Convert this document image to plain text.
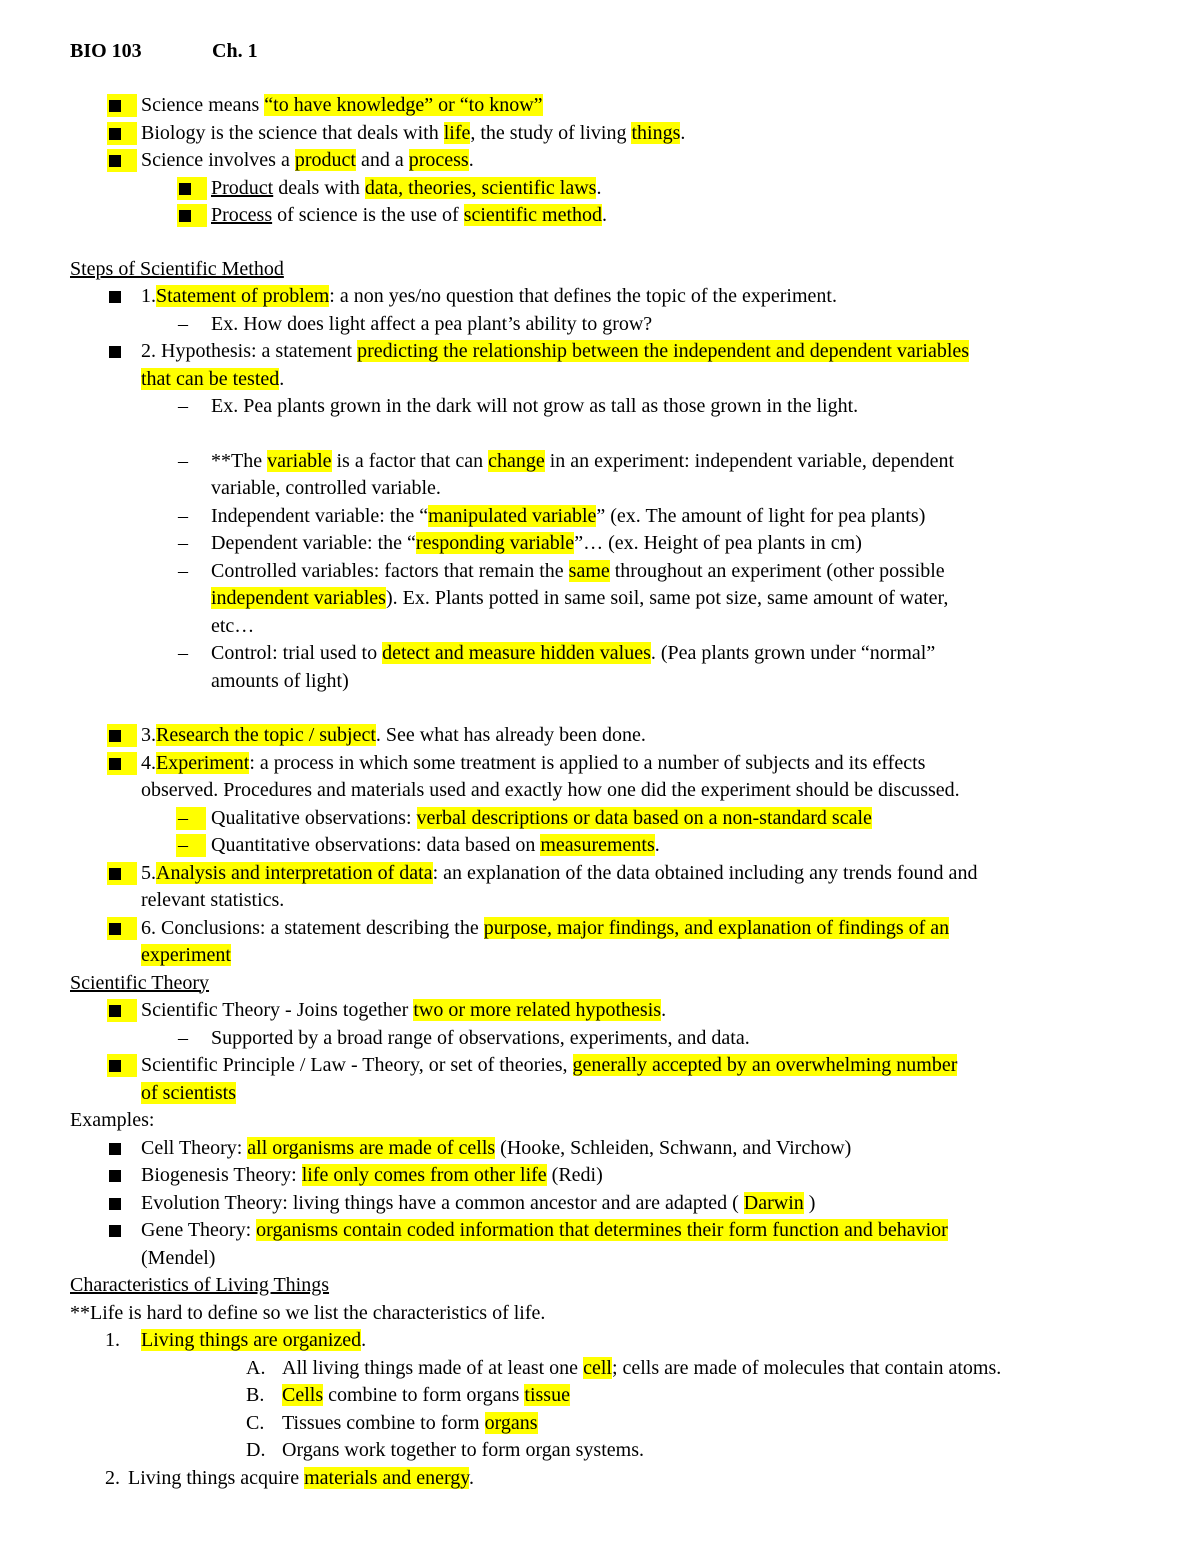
BIO 103	Ch. 1
Science means “to have knowledge” or “to know”
Biology is the science that deals with life, the study of living things.
Science involves a product and a process.
Product deals with data, theories, scientific laws.
Process of science is the use of scientific method.
Steps of Scientific Method
1.Statement of problem: a non yes/no question that defines the topic of the experiment.
– Ex. How does light affect a pea plant’s ability to grow?
2. Hypothesis: a statement predicting the relationship between the independent and dependent variables
that can be tested.
– Ex. Pea plants grown in the dark will not grow as tall as those grown in the light.
– **The variable is a factor that can change in an experiment: independent variable, dependent
variable, controlled variable.
– Independent variable: the “manipulated variable” (ex. The amount of light for pea plants)
– Dependent variable: the “responding variable”… (ex. Height of pea plants in cm)
– Controlled variables: factors that remain the same throughout an experiment (other possible
independent variables). Ex. Plants potted in same soil, same pot size, same amount of water,
etc…
– Control: trial used to detect and measure hidden values. (Pea plants grown under “normal”
amounts of light)
3.Research the topic / subject. See what has already been done.
4.Experiment: a process in which some treatment is applied to a number of subjects and its effects
observed. Procedures and materials used and exactly how one did the experiment should be discussed.
– Qualitative observations: verbal descriptions or data based on a non-standard scale
– Quantitative observations: data based on measurements.
5.Analysis and interpretation of data: an explanation of the data obtained including any trends found and
relevant statistics.
6. Conclusions: a statement describing the purpose, major findings, and explanation of findings of an
experiment
Scientific Theory
Scientific Theory - Joins together two or more related hypothesis.
– Supported by a broad range of observations, experiments, and data.
Scientific Principle / Law - Theory, or set of theories, generally accepted by an overwhelming number
of scientists
Examples:
Cell Theory: all organisms are made of cells (Hooke, Schleiden, Schwann, and Virchow)
Biogenesis Theory: life only comes from other life (Redi)
Evolution Theory: living things have a common ancestor and are adapted ( Darwin )
Gene Theory: organisms contain coded information that determines their form function and behavior
(Mendel)
Characteristics of Living Things
**Life is hard to define so we list the characteristics of life.
1. Living things are organized.
A. All living things made of at least one cell; cells are made of molecules that contain atoms.
B. Cells combine to form organs tissue
C. Tissues combine to form organs
D. Organs work together to form organ systems.
2. Living things acquire materials and energy.
